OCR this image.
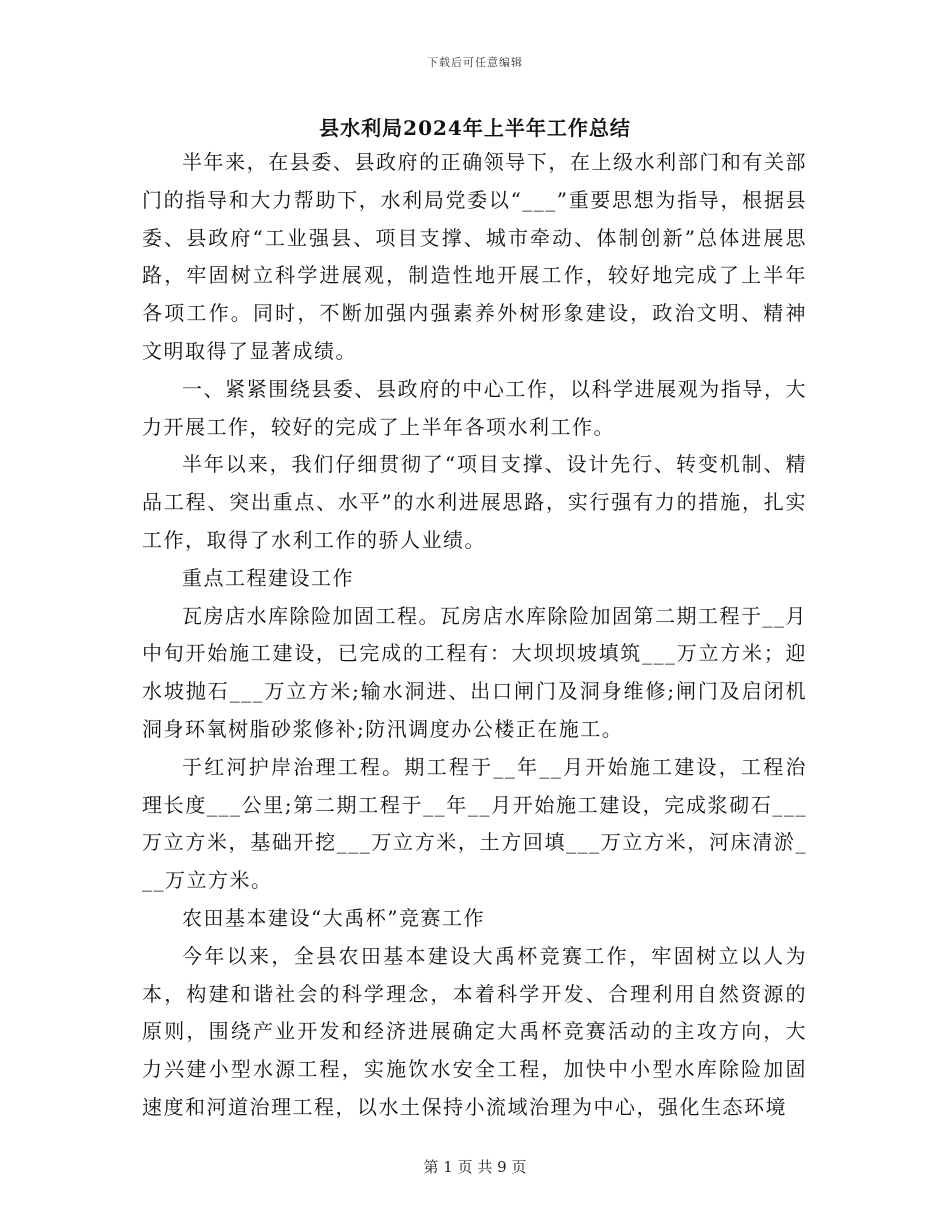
下载后可任意编辑
县水利局2024年上半年工作总结

半年来，在县委、县政府的正确领导下，在上级水利部门和有关部门的指导和大力帮助下，水利局党委以“___”重要思想为指导，根据县委、县政府“工业强县、项目支撑、城市牵动、体制创新”总体进展思路，牢固树立科学进展观，制造性地开展工作，较好地完成了上半年各项工作。同时，不断加强内强素养外树形象建设，政治文明、精神文明取得了显著成绩。

一、紧紧围绕县委、县政府的中心工作，以科学进展观为指导，大力开展工作，较好的完成了上半年各项水利工作。

半年以来，我们仔细贯彻了“项目支撑、设计先行、转变机制、精品工程、突出重点、水平”的水利进展思路，实行强有力的措施，扎实工作，取得了水利工作的骄人业绩。

重点工程建设工作

瓦房店水库除险加固工程。瓦房店水库除险加固第二期工程于__月中旬开始施工建设，已完成的工程有：大坝坝坡填筑___万立方米；迎水坡抛石___万立方米;输水洞进、出口闸门及洞身维修;闸门及启闭机洞身环氧树脂砂浆修补;防汛调度办公楼正在施工。

于红河护岸治理工程。期工程于__年__月开始施工建设，工程治理长度___公里;第二期工程于__年__月开始施工建设，完成浆砌石___万立方米，基础开挖___万立方米，土方回填___万立方米，河床清淤___万立方米。

农田基本建设“大禹杯”竞赛工作

今年以来，全县农田基本建设大禹杯竞赛工作，牢固树立以人为本，构建和谐社会的科学理念，本着科学开发、合理利用自然资源的原则，围绕产业开发和经济进展确定大禹杯竞赛活动的主攻方向，大力兴建小型水源工程，实施饮水安全工程，加快中小型水库除险加固速度和河道治理工程，以水土保持小流域治理为中心，强化生态环境

第 1 页 共 9 页
